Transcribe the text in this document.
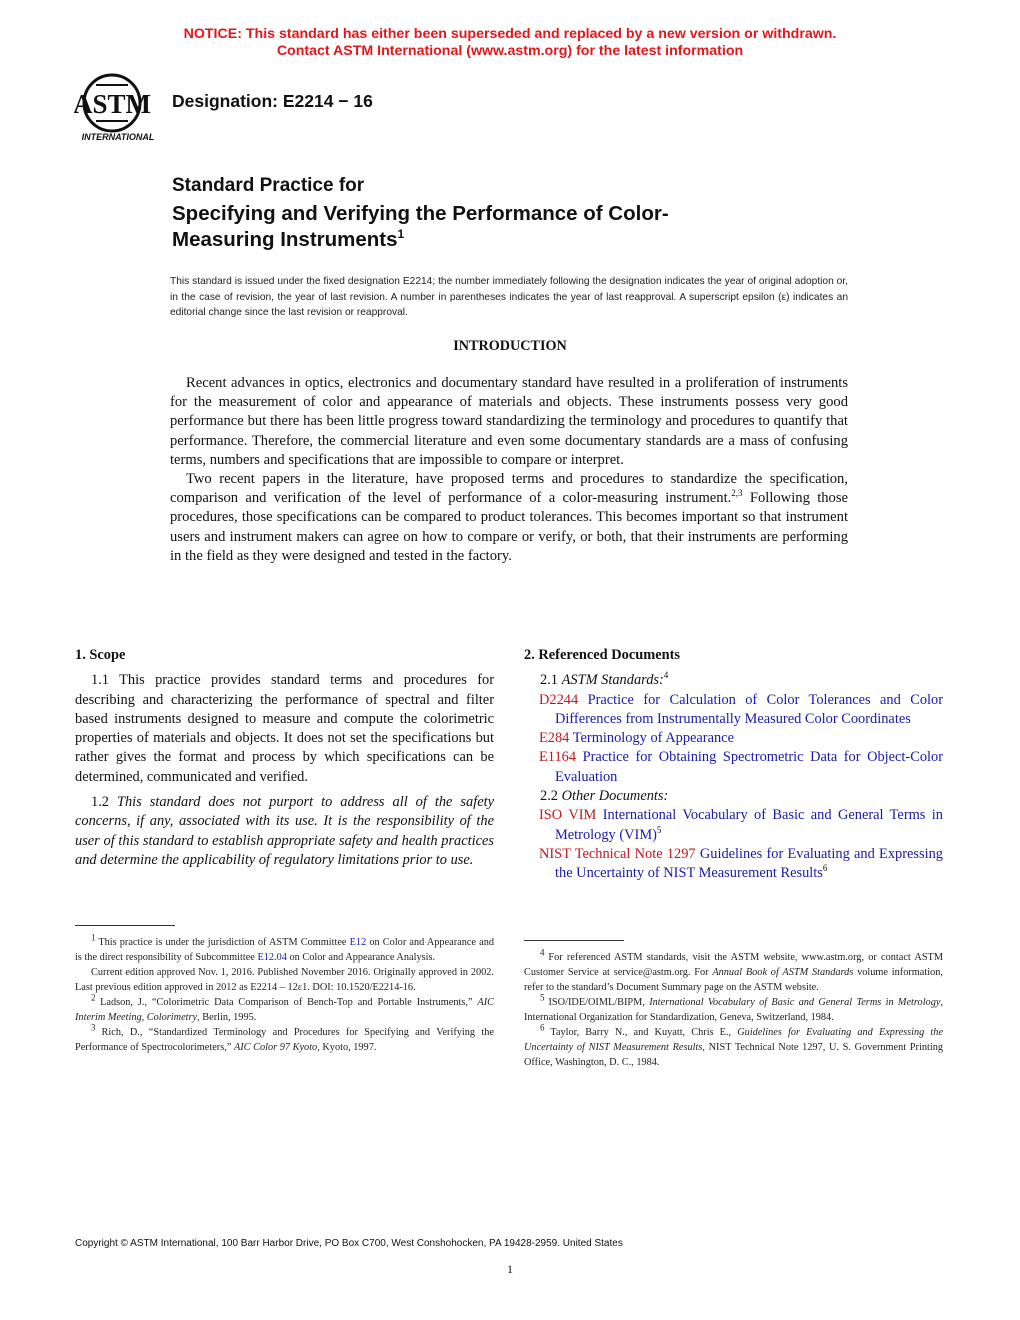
NOTICE: This standard has either been superseded and replaced by a new version or withdrawn.
Contact ASTM International (www.astm.org) for the latest information
ASTM
INTERNATIONAL
Designation: E2214 − 16
Standard Practice for
Specifying and Verifying the Performance of Color-
Measuring Instruments$^1$
This standard is issued under the fixed designation E2214; the number immediately following the designation indicates the year of original adoption or, in the case of revision, the year of last revision. A number in parentheses indicates the year of last reapproval. A superscript epsilon (ε) indicates an editorial change since the last revision or reapproval.
INTRODUCTION

Recent advances in optics, electronics and documentary standard have resulted in a proliferation of instruments for the measurement of color and appearance of materials and objects. These instruments possess very good performance but there has been little progress toward standardizing the terminology and procedures to quantify that performance. Therefore, the commercial literature and even some documentary standards are a mass of confusing terms, numbers and specifications that are impossible to compare or interpret.

Two recent papers in the literature, have proposed terms and procedures to standardize the specification, comparison and verification of the level of performance of a color-measuring instrument.$^{2,3}$ Following those procedures, those specifications can be compared to product tolerances. This becomes important so that instrument users and instrument makers can agree on how to compare or verify, or both, that their instruments are performing in the field as they were designed and tested in the factory.

1. Scope

1.1 This practice provides standard terms and procedures for describing and characterizing the performance of spectral and filter based instruments designed to measure and compute the colorimetric properties of materials and objects. It does not set the specifications but rather gives the format and process by which specifications can be determined, communicated and verified.

1.2 This standard does not purport to address all of the safety concerns, if any, associated with its use. It is the responsibility of the user of this standard to establish appropriate safety and health practices and determine the applicability of regulatory limitations prior to use.

2. Referenced Documents

2.1 ASTM Standards:$^4$

D2244 Practice for Calculation of Color Tolerances and Color Differences from Instrumentally Measured Color Coordinates

E284 Terminology of Appearance

E1164 Practice for Obtaining Spectrometric Data for Object-Color Evaluation

2.2 Other Documents:

ISO VIM International Vocabulary of Basic and General Terms in Metrology (VIM)$^5$

NIST Technical Note 1297 Guidelines for Evaluating and Expressing the Uncertainty of NIST Measurement Results$^6$

$^1$ This practice is under the jurisdiction of ASTM Committee E12 on Color and Appearance and is the direct responsibility of Subcommittee E12.04 on Color and Appearance Analysis.

Current edition approved Nov. 1, 2016. Published November 2016. Originally approved in 2002. Last previous edition approved in 2012 as E2214 – 12ε1. DOI: 10.1520/E2214-16.

$^2$ Ladson, J., “Colorimetric Data Comparison of Bench-Top and Portable Instruments,” AIC Interim Meeting, Colorimetry, Berlin, 1995.

$^3$ Rich, D., “Standardized Terminology and Procedures for Specifying and Verifying the Performance of Spectrocolorimeters,” AIC Color 97 Kyoto, Kyoto, 1997.

$^4$ For referenced ASTM standards, visit the ASTM website, www.astm.org, or contact ASTM Customer Service at service@astm.org. For Annual Book of ASTM Standards volume information, refer to the standard’s Document Summary page on the ASTM website.

$^5$ ISO/IDE/OIML/BIPM, International Vocabulary of Basic and General Terms in Metrology, International Organization for Standardization, Geneva, Switzerland, 1984.

$^6$ Taylor, Barry N., and Kuyatt, Chris E., Guidelines for Evaluating and Expressing the Uncertainty of NIST Measurement Results, NIST Technical Note 1297, U. S. Government Printing Office, Washington, D. C., 1984.

Copyright © ASTM International, 100 Barr Harbor Drive, PO Box C700, West Conshohocken, PA 19428-2959. United States
1
